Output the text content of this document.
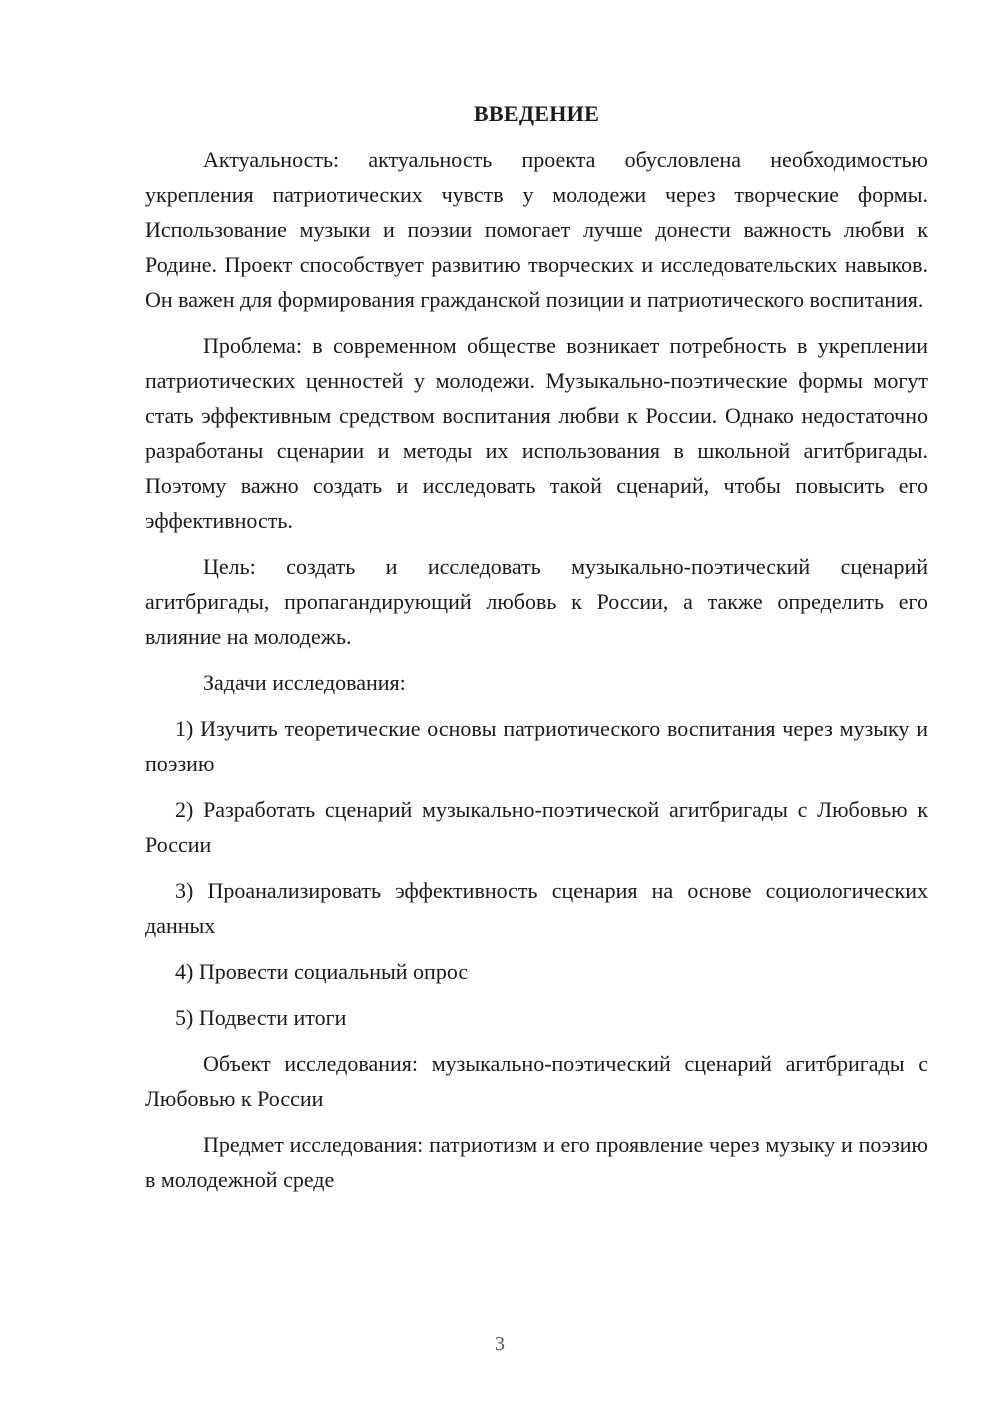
ВВЕДЕНИЕ

Актуальность: актуальность проекта обусловлена необходимостью укрепления патриотических чувств у молодежи через творческие формы. Использование музыки и поэзии помогает лучше донести важность любви к Родине. Проект способствует развитию творческих и исследовательских навыков. Он важен для формирования гражданской позиции и патриотического воспитания.

Проблема: в современном обществе возникает потребность в укреплении патриотических ценностей у молодежи. Музыкально-поэтические формы могут стать эффективным средством воспитания любви к России. Однако недостаточно разработаны сценарии и методы их использования в школьной агитбригады. Поэтому важно создать и исследовать такой сценарий, чтобы повысить его эффективность.

Цель: создать и исследовать музыкально-поэтический сценарий агитбригады, пропагандирующий любовь к России, а также определить его влияние на молодежь.

Задачи исследования:

1) Изучить теоретические основы патриотического воспитания через музыку и поэзию

2) Разработать сценарий музыкально-поэтической агитбригады с Любовью к России

3) Проанализировать эффективность сценария на основе социологических данных

4) Провести социальный опрос

5) Подвести итоги

Объект исследования: музыкально-поэтический сценарий агитбригады с Любовью к России

Предмет исследования: патриотизм и его проявление через музыку и поэзию в молодежной среде

3
